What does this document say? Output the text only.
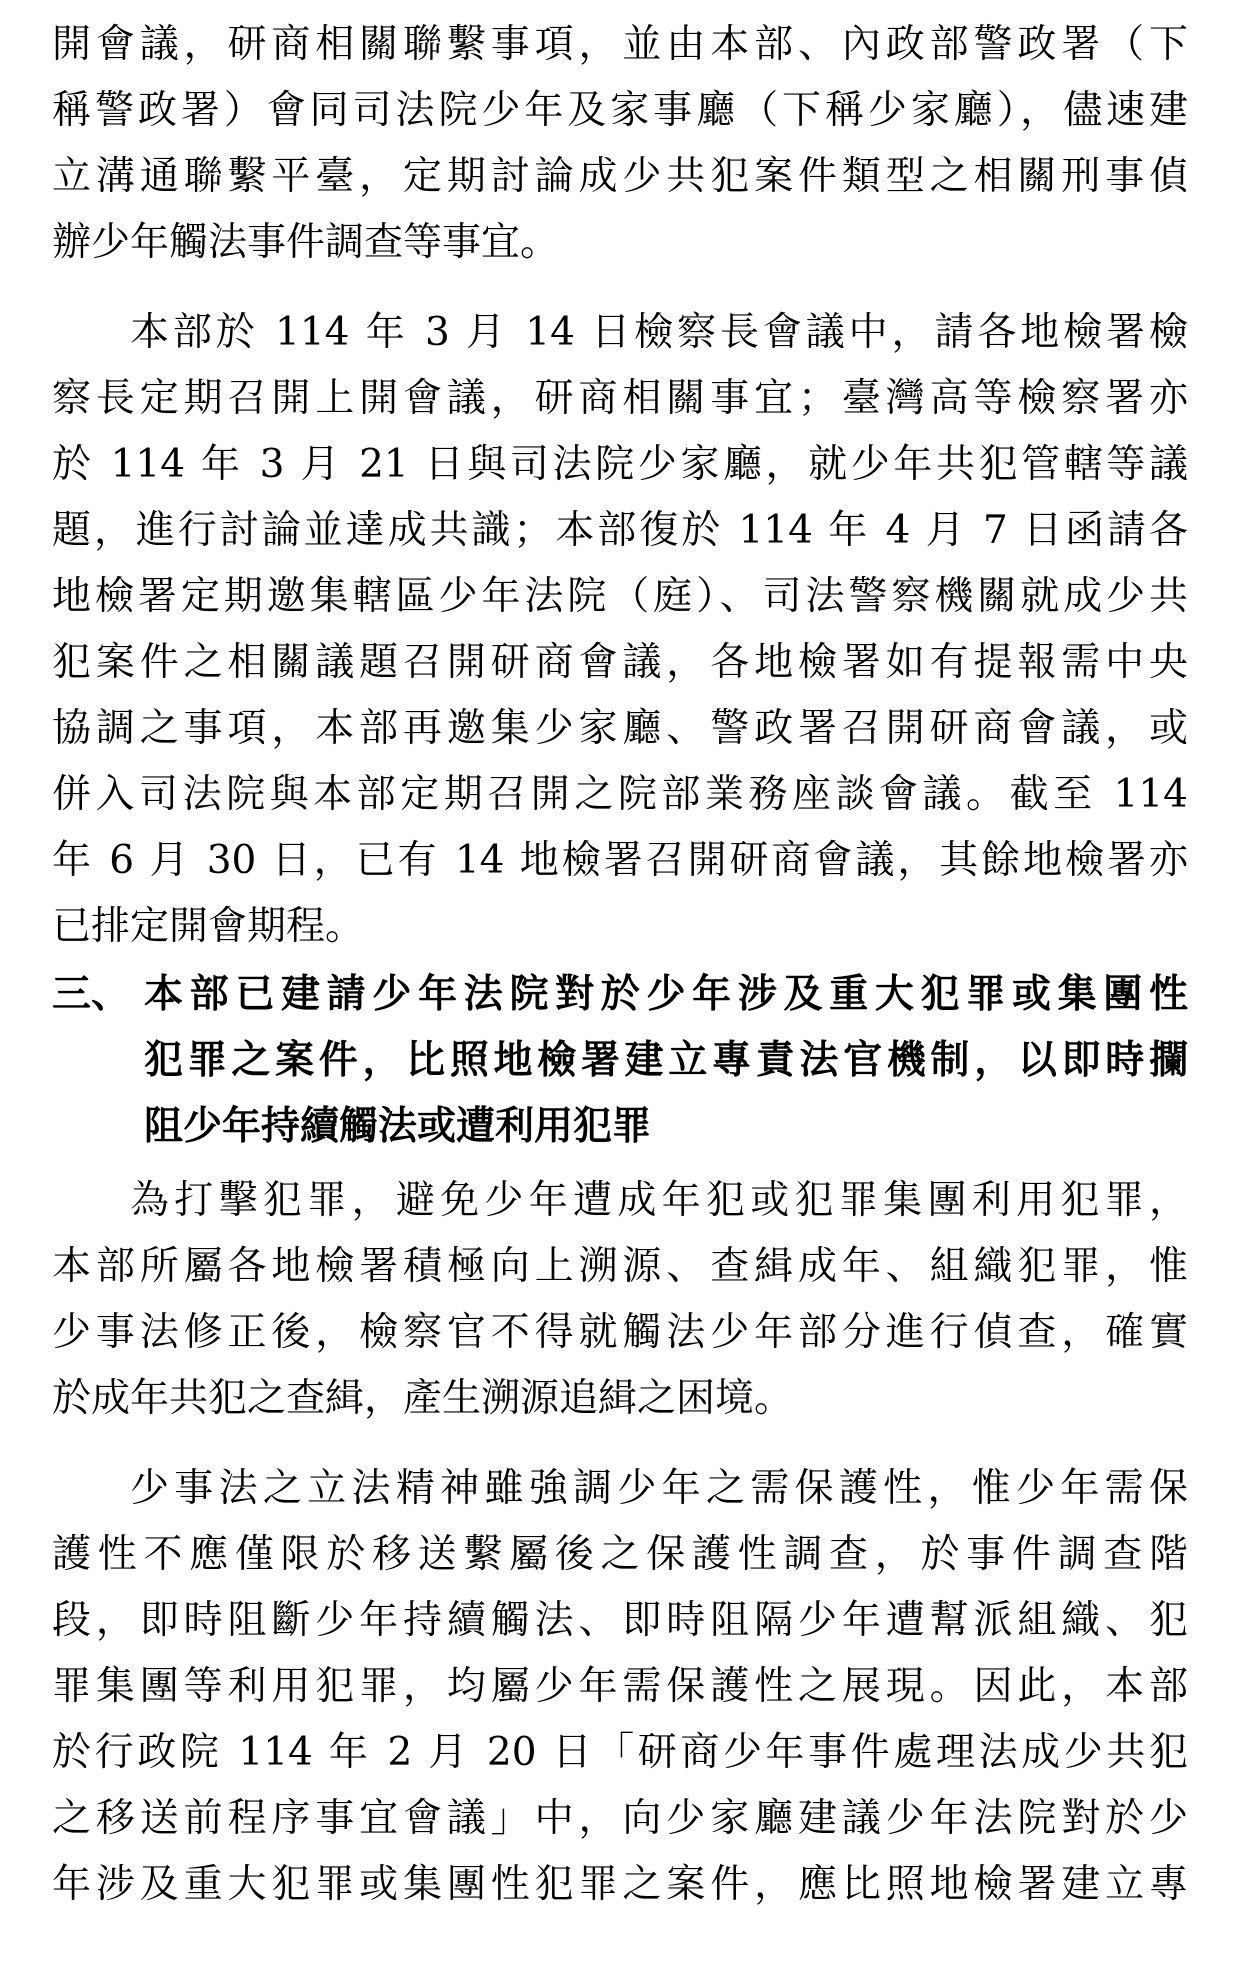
開會議，研商相關聯繫事項，並由本部、內政部警政署（下
稱警政署）會同司法院少年及家事廳（下稱少家廳），儘速建
立溝通聯繫平臺，定期討論成少共犯案件類型之相關刑事偵
辦少年觸法事件調查等事宜。
本部於 114 年 3 月 14 日檢察長會議中，請各地檢署檢
察長定期召開上開會議，研商相關事宜；臺灣高等檢察署亦
於 114 年 3 月 21 日與司法院少家廳，就少年共犯管轄等議
題，進行討論並達成共識；本部復於 114 年 4 月 7 日函請各
地檢署定期邀集轄區少年法院（庭）、司法警察機關就成少共
犯案件之相關議題召開研商會議，各地檢署如有提報需中央
協調之事項，本部再邀集少家廳、警政署召開研商會議，或
併入司法院與本部定期召開之院部業務座談會議。截至 114
年 6 月 30 日，已有 14 地檢署召開研商會議，其餘地檢署亦
已排定開會期程。
三、 本部已建請少年法院對於少年涉及重大犯罪或集團性
犯罪之案件，比照地檢署建立專責法官機制，以即時攔
阻少年持續觸法或遭利用犯罪
為打擊犯罪，避免少年遭成年犯或犯罪集團利用犯罪，
本部所屬各地檢署積極向上溯源、查緝成年、組織犯罪，惟
少事法修正後，檢察官不得就觸法少年部分進行偵查，確實
於成年共犯之查緝，產生溯源追緝之困境。
少事法之立法精神雖強調少年之需保護性，惟少年需保
護性不應僅限於移送繫屬後之保護性調查，於事件調查階
段，即時阻斷少年持續觸法、即時阻隔少年遭幫派組織、犯
罪集團等利用犯罪，均屬少年需保護性之展現。因此，本部
於行政院 114 年 2 月 20 日「研商少年事件處理法成少共犯
之移送前程序事宜會議」中，向少家廳建議少年法院對於少
年涉及重大犯罪或集團性犯罪之案件，應比照地檢署建立專
